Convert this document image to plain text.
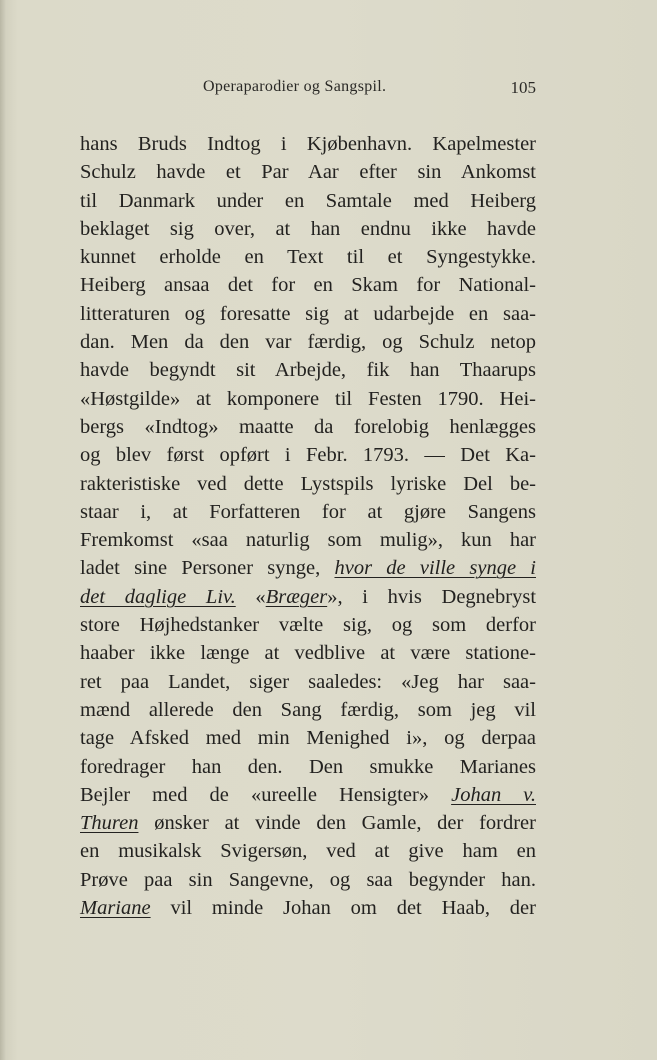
Operaparodier og Sangspil.	105
hans Bruds Indtog i Kjøbenhavn. Kapelmester
Schulz havde et Par Aar efter sin Ankomst
til Danmark under en Samtale med Heiberg
beklaget sig over, at han endnu ikke havde
kunnet erholde en Text til et Syngestykke.
Heiberg ansaa det for en Skam for National-
litteraturen og foresatte sig at udarbejde en saa-
dan. Men da den var færdig, og Schulz netop
havde begyndt sit Arbejde, fik han Thaarups
«Høstgilde» at komponere til Festen 1790. Hei-
bergs «Indtog» maatte da forelobig henlægges
og blev først opført i Febr. 1793. — Det Ka-
rakteristiske ved dette Lystspils lyriske Del be-
staar i, at Forfatteren for at gjøre Sangens
Fremkomst «saa naturlig som mulig», kun har
ladet sine Personer synge, hvor de ville synge i
det daglige Liv. «Bræger», i hvis Degnebryst
store Højhedstanker vælte sig, og som derfor
haaber ikke længe at vedblive at være statione-
ret paa Landet, siger saaledes: «Jeg har saa-
mænd allerede den Sang færdig, som jeg vil
tage Afsked med min Menighed i», og derpaa
foredrager han den. Den smukke Marianes
Bejler med de «ureelle Hensigter» Johan v.
Thuren ønsker at vinde den Gamle, der fordrer
en musikalsk Svigersøn, ved at give ham en
Prøve paa sin Sangevne, og saa begynder han.
Mariane vil minde Johan om det Haab, der
